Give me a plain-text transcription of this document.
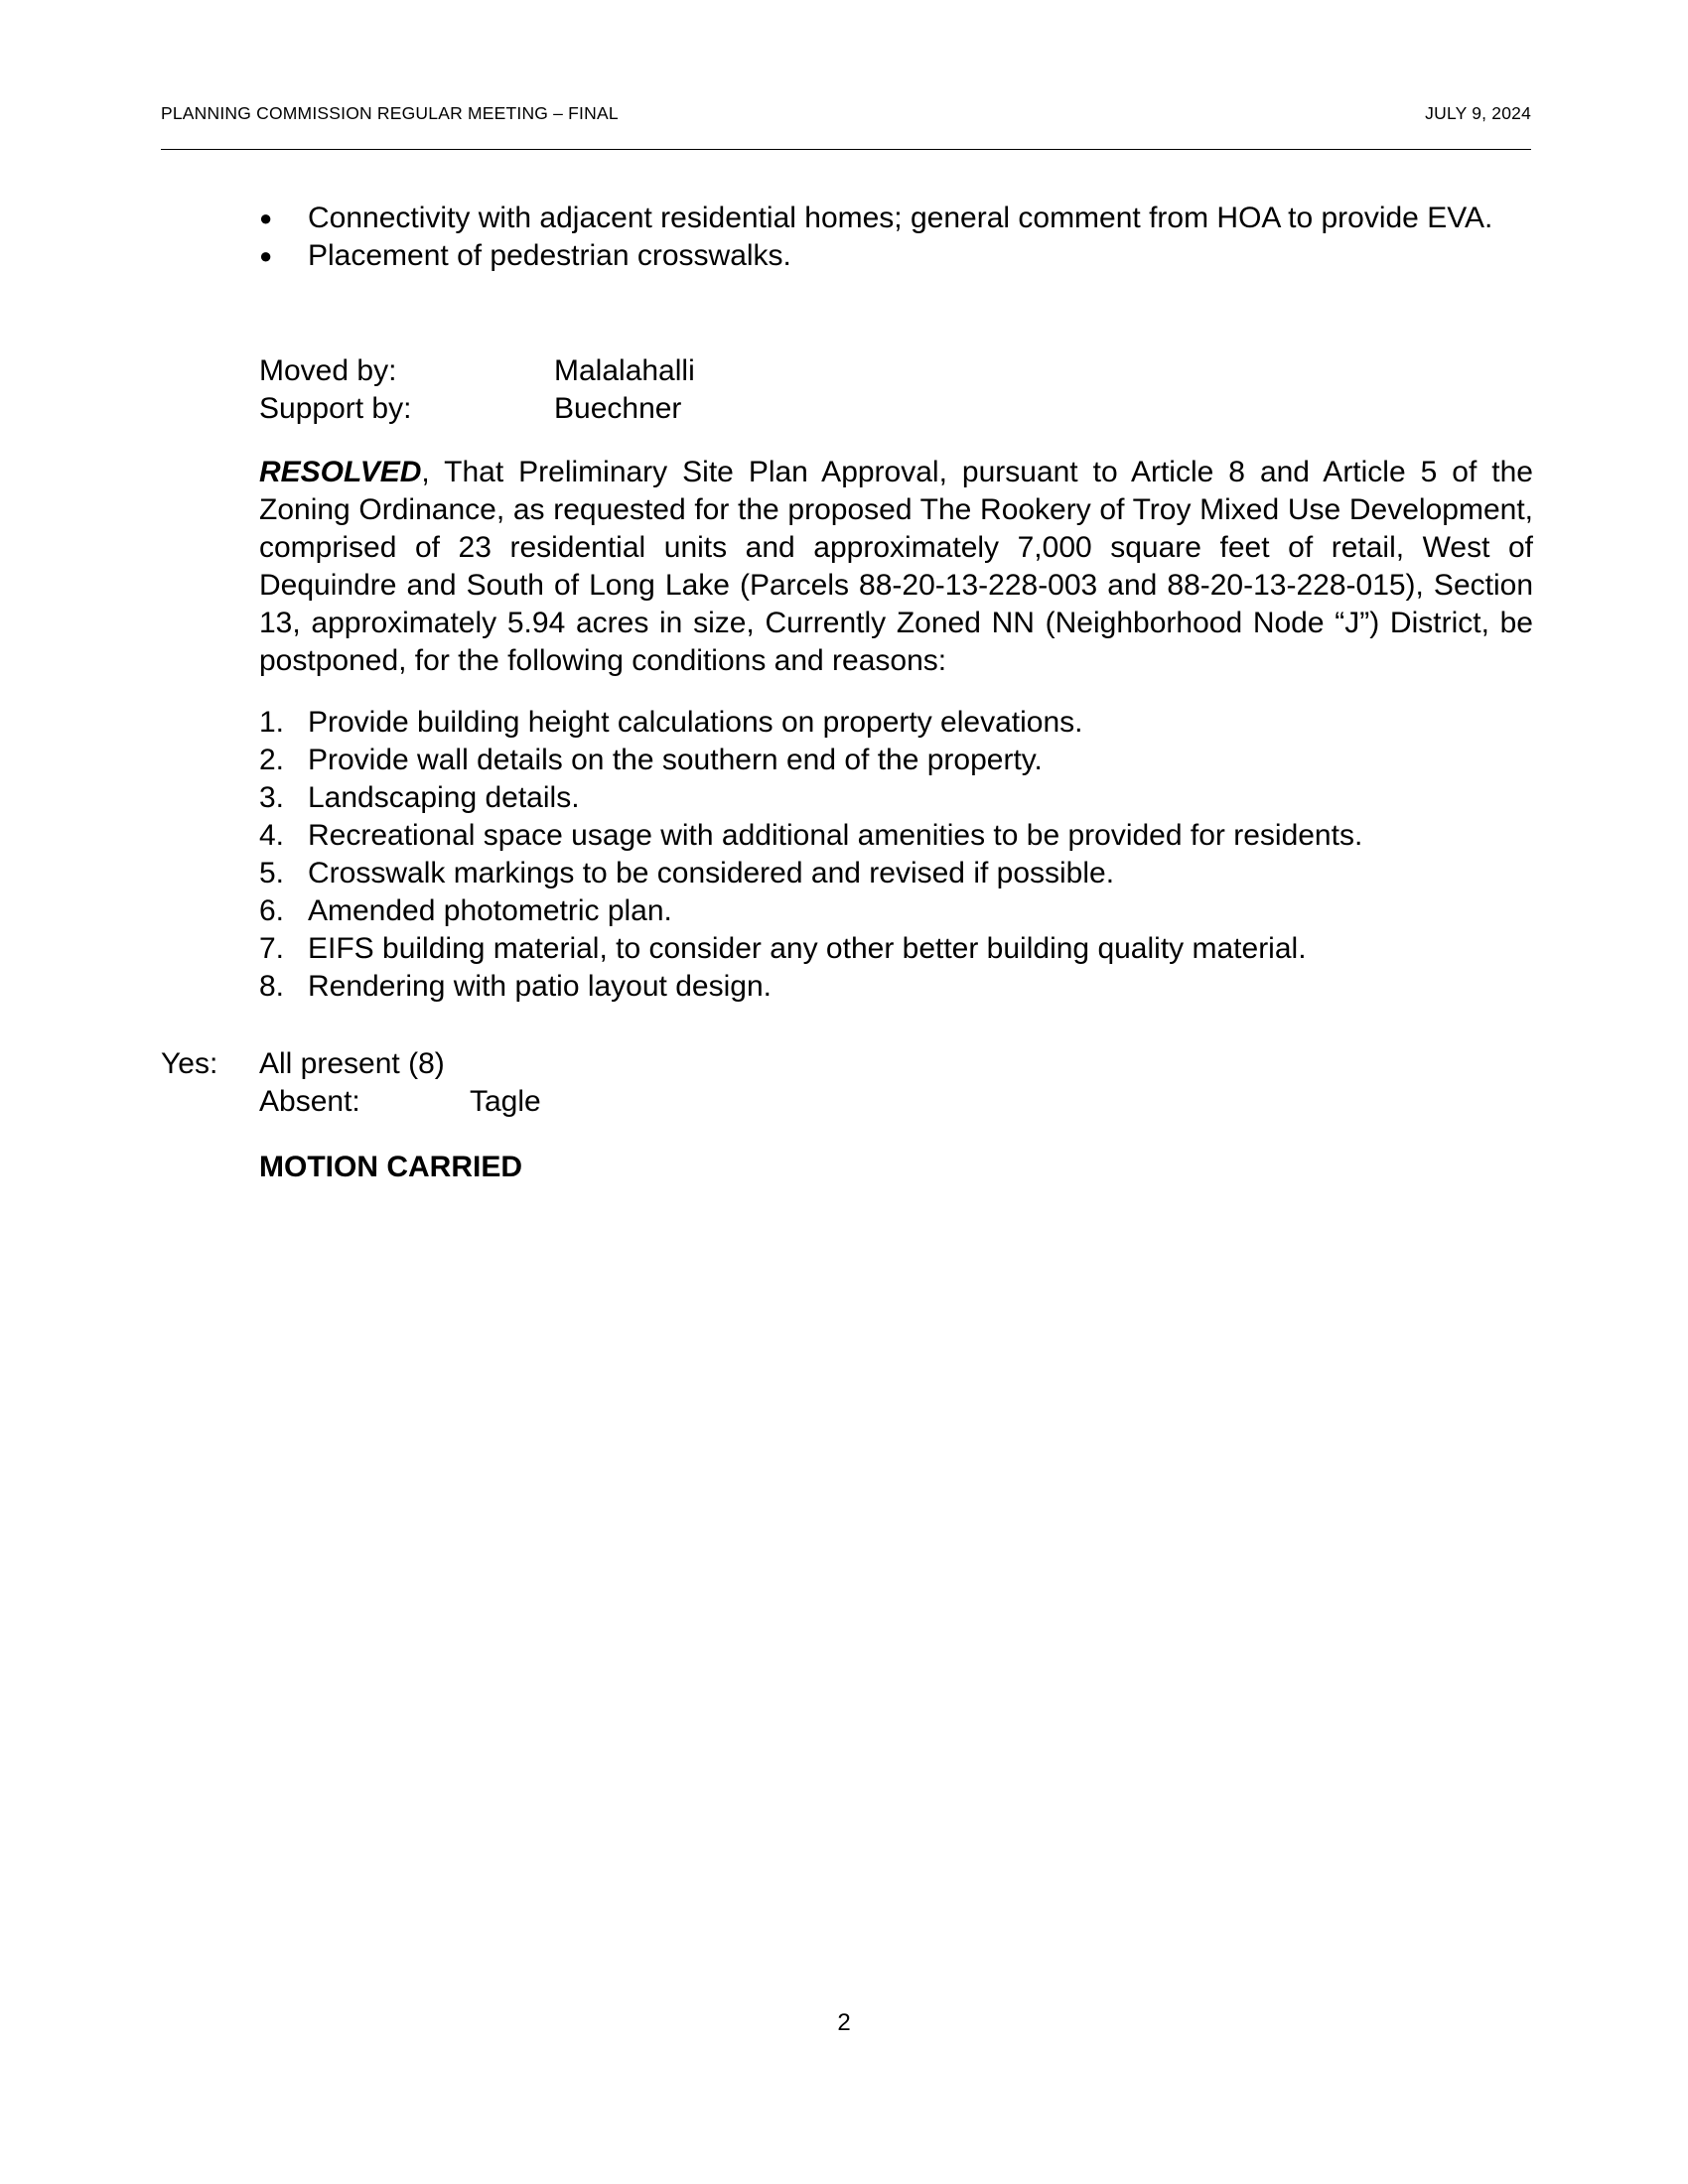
PLANNING COMMISSION REGULAR MEETING – FINAL	JULY 9, 2024
● Connectivity with adjacent residential homes; general comment from HOA to provide EVA.
● Placement of pedestrian crosswalks.
Moved by:	Malalahalli
Support by:	Buechner
RESOLVED, That Preliminary Site Plan Approval, pursuant to Article 8 and Article 5 of the Zoning Ordinance, as requested for the proposed The Rookery of Troy Mixed Use Development, comprised of 23 residential units and approximately 7,000 square feet of retail, West of Dequindre and South of Long Lake (Parcels 88-20-13-228-003 and 88-20-13-228-015), Section 13, approximately 5.94 acres in size, Currently Zoned NN (Neighborhood Node “J”) District, be postponed, for the following conditions and reasons:
1. Provide building height calculations on property elevations.
2. Provide wall details on the southern end of the property.
3. Landscaping details.
4. Recreational space usage with additional amenities to be provided for residents.
5. Crosswalk markings to be considered and revised if possible.
6. Amended photometric plan.
7. EIFS building material, to consider any other better building quality material.
8. Rendering with patio layout design.
Yes: All present (8)
Absent:	Tagle
MOTION CARRIED
2
